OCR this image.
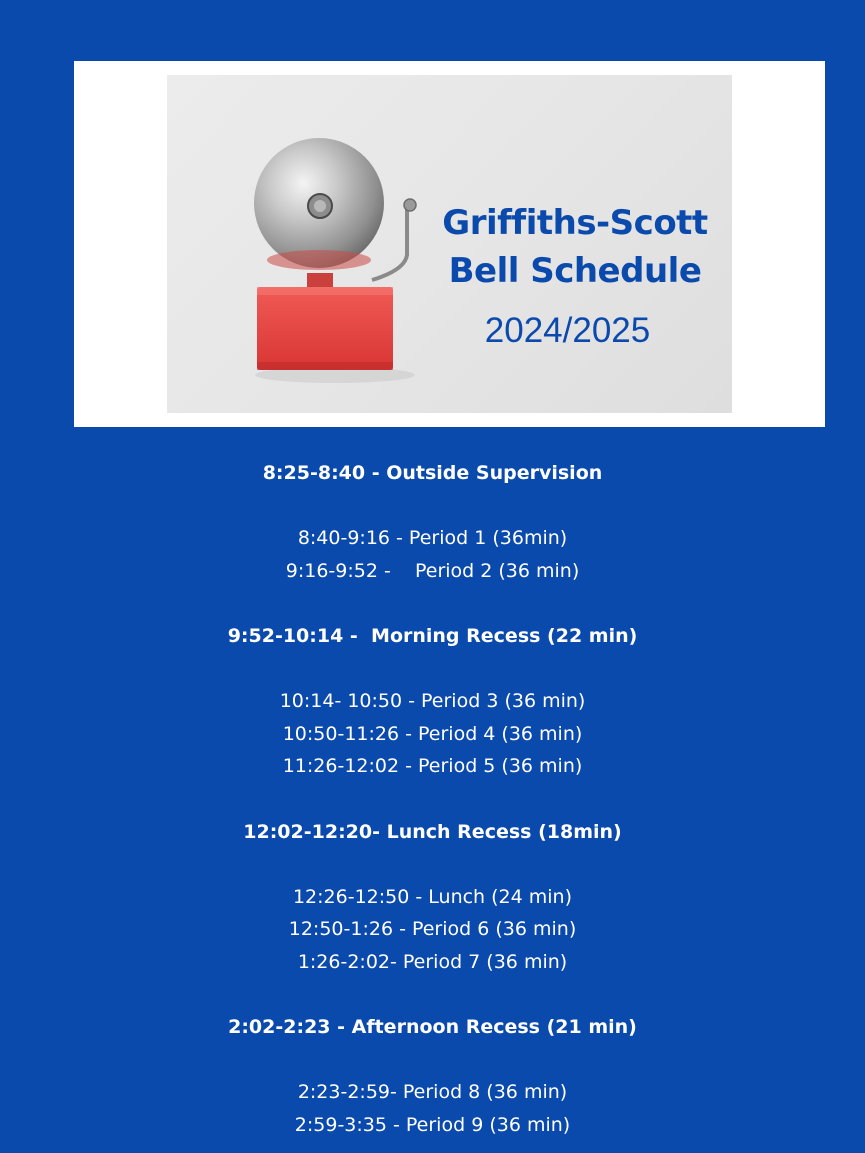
Griffiths-Scott
Bell Schedule
2024/2025
8:25-8:40 - Outside Supervision
8:40-9:16 - Period 1 (36min)
9:16-9:52 -    Period 2 (36 min)
9:52-10:14 -  Morning Recess (22 min)
10:14- 10:50 - Period 3 (36 min)
10:50-11:26 - Period 4 (36 min)
11:26-12:02 - Period 5 (36 min)
12:02-12:20- Lunch Recess (18min)
12:26-12:50 - Lunch (24 min)
12:50-1:26 - Period 6 (36 min)
1:26-2:02- Period 7 (36 min)
2:02-2:23 - Afternoon Recess (21 min)
2:23-2:59- Period 8 (36 min)
2:59-3:35 - Period 9 (36 min)
